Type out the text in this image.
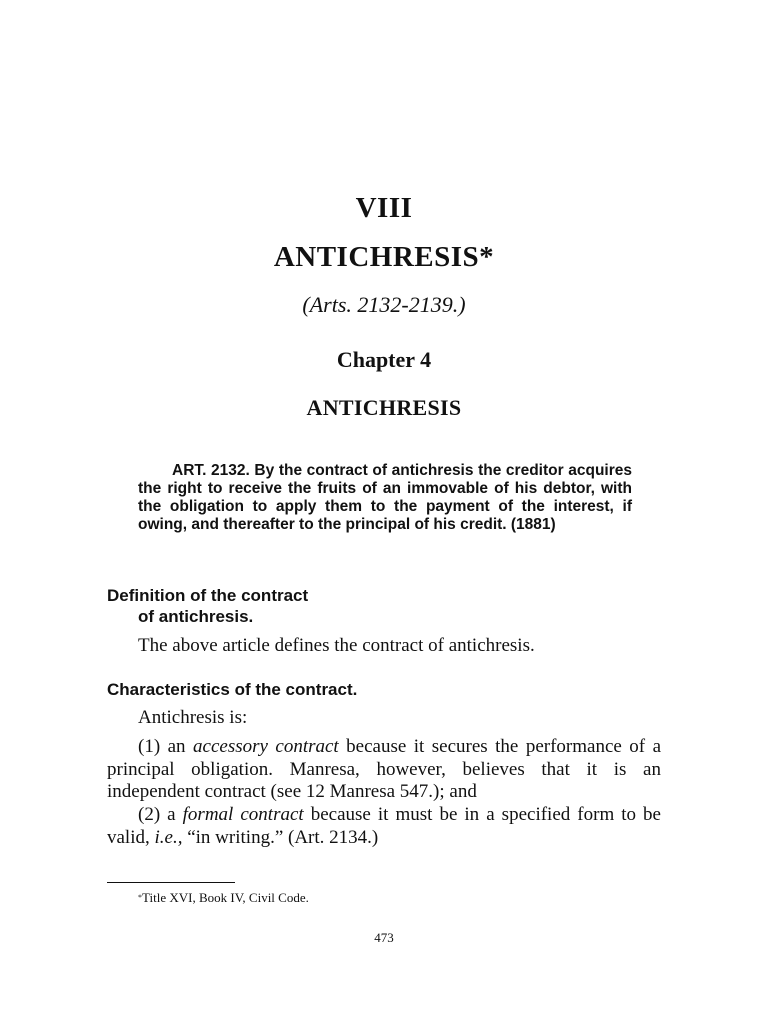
VIII
ANTICHRESIS*

(Arts. 2132-2139.)

Chapter 4
ANTICHRESIS

ART. 2132. By the contract of antichresis the creditor acquires the right to receive the fruits of an immovable of his debtor, with the obligation to apply them to the payment of the interest, if owing, and thereafter to the principal of his credit. (1881)

Definition of the contract
of antichresis.

The above article defines the contract of antichresis.

Characteristics of the contract.

Antichresis is:

(1) an accessory contract because it secures the performance of a principal obligation. Manresa, however, believes that it is an independent contract (see 12 Manresa 547.); and

(2) a formal contract because it must be in a specified form to be valid, i.e., “in writing.” (Art. 2134.)

*Title XVI, Book IV, Civil Code.

473
